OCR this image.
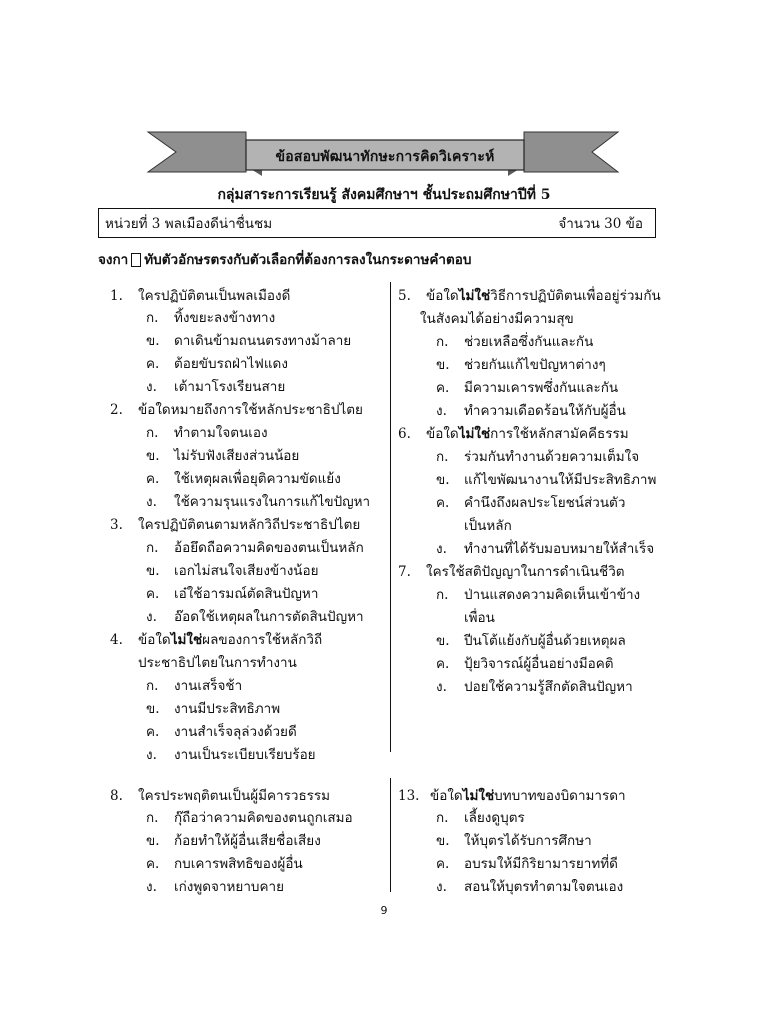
ข้อสอบพัฒนาทักษะการคิดวิเคราะห์
กลุ่มสาระการเรียนรู้ สังคมศึกษาฯ ชั้นประถมศึกษาปีที่ 5
หน่วยที่ 3 พลเมืองดีน่าชื่นชม	จำนวน 30 ข้อ
จงกา ทับตัวอักษรตรงกับตัวเลือกที่ต้องการลงในกระดาษคำตอบ
1. ใครปฏิบัติตนเป็นพลเมืองดี
ก. ทิ้งขยะลงข้างทาง
ข. ดาเดินข้ามถนนตรงทางม้าลาย
ค. ต้อยขับรถฝ่าไฟแดง
ง. เต้ามาโรงเรียนสาย
2. ข้อใดหมายถึงการใช้หลักประชาธิปไตย
ก. ทำตามใจตนเอง
ข. ไม่รับฟังเสียงส่วนน้อย
ค. ใช้เหตุผลเพื่อยุติความขัดแย้ง
ง. ใช้ความรุนแรงในการแก้ไขปัญหา
3. ใครปฏิบัติตนตามหลักวิถีประชาธิปไตย
ก. อ้อยึดถือความคิดของตนเป็นหลัก
ข. เอกไม่สนใจเสียงข้างน้อย
ค. เอ๋ใช้อารมณ์ตัดสินปัญหา
ง. อ๊อดใช้เหตุผลในการตัดสินปัญหา
4. ข้อใดไม่ใช่ผลของการใช้หลักวิถี
ประชาธิปไตยในการทำงาน
ก. งานเสร็จช้า
ข. งานมีประสิทธิภาพ
ค. งานสำเร็จลุล่วงด้วยดี
ง. งานเป็นระเบียบเรียบร้อย
5. ข้อใดไม่ใช่วิธีการปฏิบัติตนเพื่ออยู่ร่วมกัน
ในสังคมได้อย่างมีความสุข
ก. ช่วยเหลือซึ่งกันและกัน
ข. ช่วยกันแก้ไขปัญหาต่างๆ
ค. มีความเคารพซึ่งกันและกัน
ง. ทำความเดือดร้อนให้กับผู้อื่น
6. ข้อใดไม่ใช่การใช้หลักสามัคคีธรรม
ก. ร่วมกันทำงานด้วยความเต็มใจ
ข. แก้ไขพัฒนางานให้มีประสิทธิภาพ
ค. คำนึงถึงผลประโยชน์ส่วนตัว
เป็นหลัก
ง. ทำงานที่ได้รับมอบหมายให้สำเร็จ
7. ใครใช้สติปัญญาในการดำเนินชีวิต
ก. ป่านแสดงความคิดเห็นเข้าข้าง
เพื่อน
ข. ปีนโต้แย้งกับผู้อื่นด้วยเหตุผล
ค. ปุ้ยวิจารณ์ผู้อื่นอย่างมีอคติ
ง. ปอยใช้ความรู้สึกตัดสินปัญหา
8. ใครประพฤติตนเป็นผู้มีคารวธรรม
ก. กุ๊ถือว่าความคิดของตนถูกเสมอ
ข. ก้อยทำให้ผู้อื่นเสียชื่อเสียง
ค. กบเคารพสิทธิของผู้อื่น
ง. เก่งพูดจาหยาบคาย
13. ข้อใดไม่ใช่บทบาทของบิดามารดา
ก. เลี้ยงดูบุตร
ข. ให้บุตรได้รับการศึกษา
ค. อบรมให้มีกิริยามารยาทที่ดี
ง. สอนให้บุตรทำตามใจตนเอง
9
